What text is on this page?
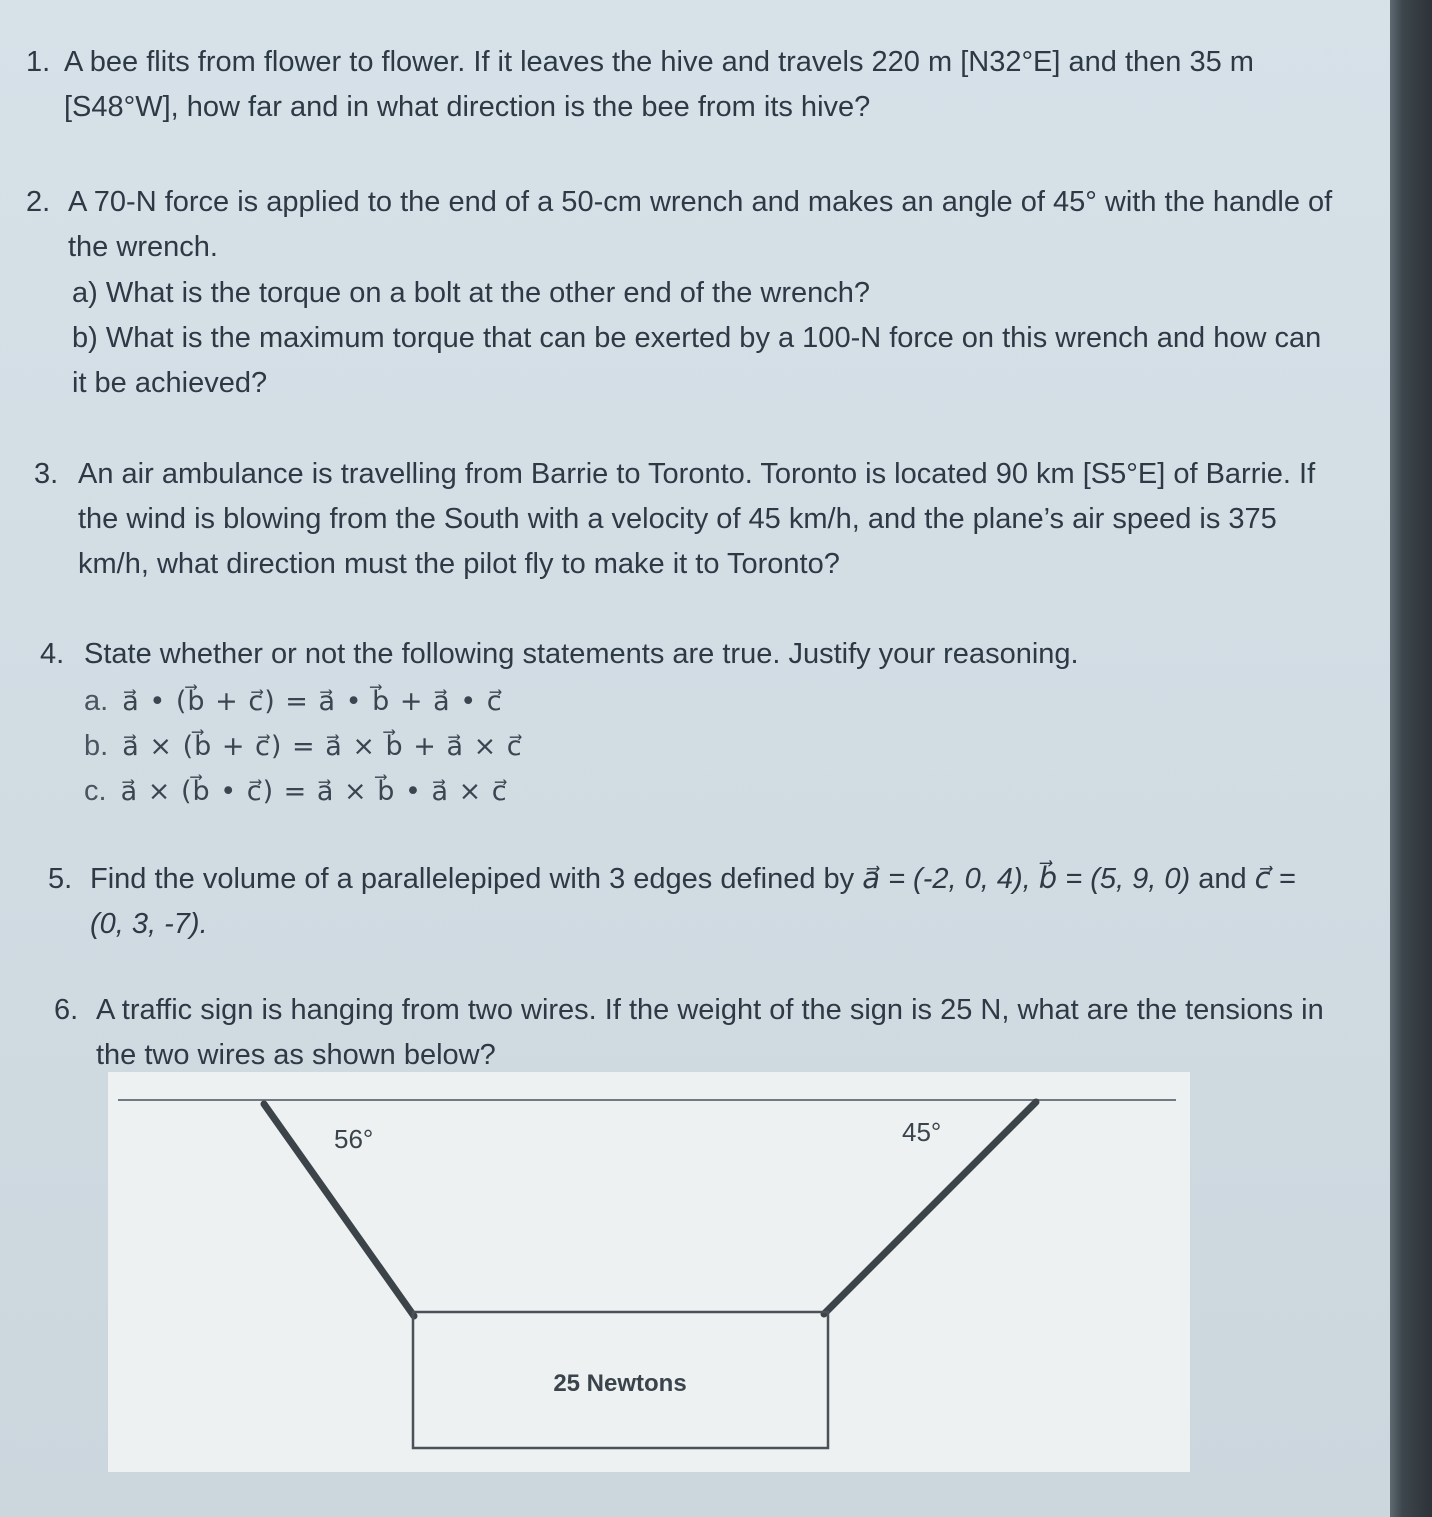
1. A bee flits from flower to flower. If it leaves the hive and travels 220 m [N32°E] and then 35 m
[S48°W], how far and in what direction is the bee from its hive?
2. A 70-N force is applied to the end of a 50-cm wrench and makes an angle of 45° with the handle of
the wrench.
a) What is the torque on a bolt at the other end of the wrench?
b) What is the maximum torque that can be exerted by a 100-N force on this wrench and how can
it be achieved?
3. An air ambulance is travelling from Barrie to Toronto. Toronto is located 90 km [S5°E] of Barrie. If
the wind is blowing from the South with a velocity of 45 km/h, and the plane’s air speed is 375
km/h, what direction must the pilot fly to make it to Toronto?
4. State whether or not the following statements are true. Justify your reasoning.
a. a⃗ • (b⃗ + c⃗) = a⃗ • b⃗ + a⃗ • c⃗
b. a⃗ × (b⃗ + c⃗) = a⃗ × b⃗ + a⃗ × c⃗
c. a⃗ × (b⃗ • c⃗) = a⃗ × b⃗ • a⃗ × c⃗
5. Find the volume of a parallelepiped with 3 edges defined by a⃗ = (-2, 0, 4), b⃗ = (5, 9, 0) and c⃗ =
(0, 3, -7).
6. A traffic sign is hanging from two wires. If the weight of the sign is 25 N, what are the tensions in
the two wires as shown below?
56°	45°
25 Newtons
